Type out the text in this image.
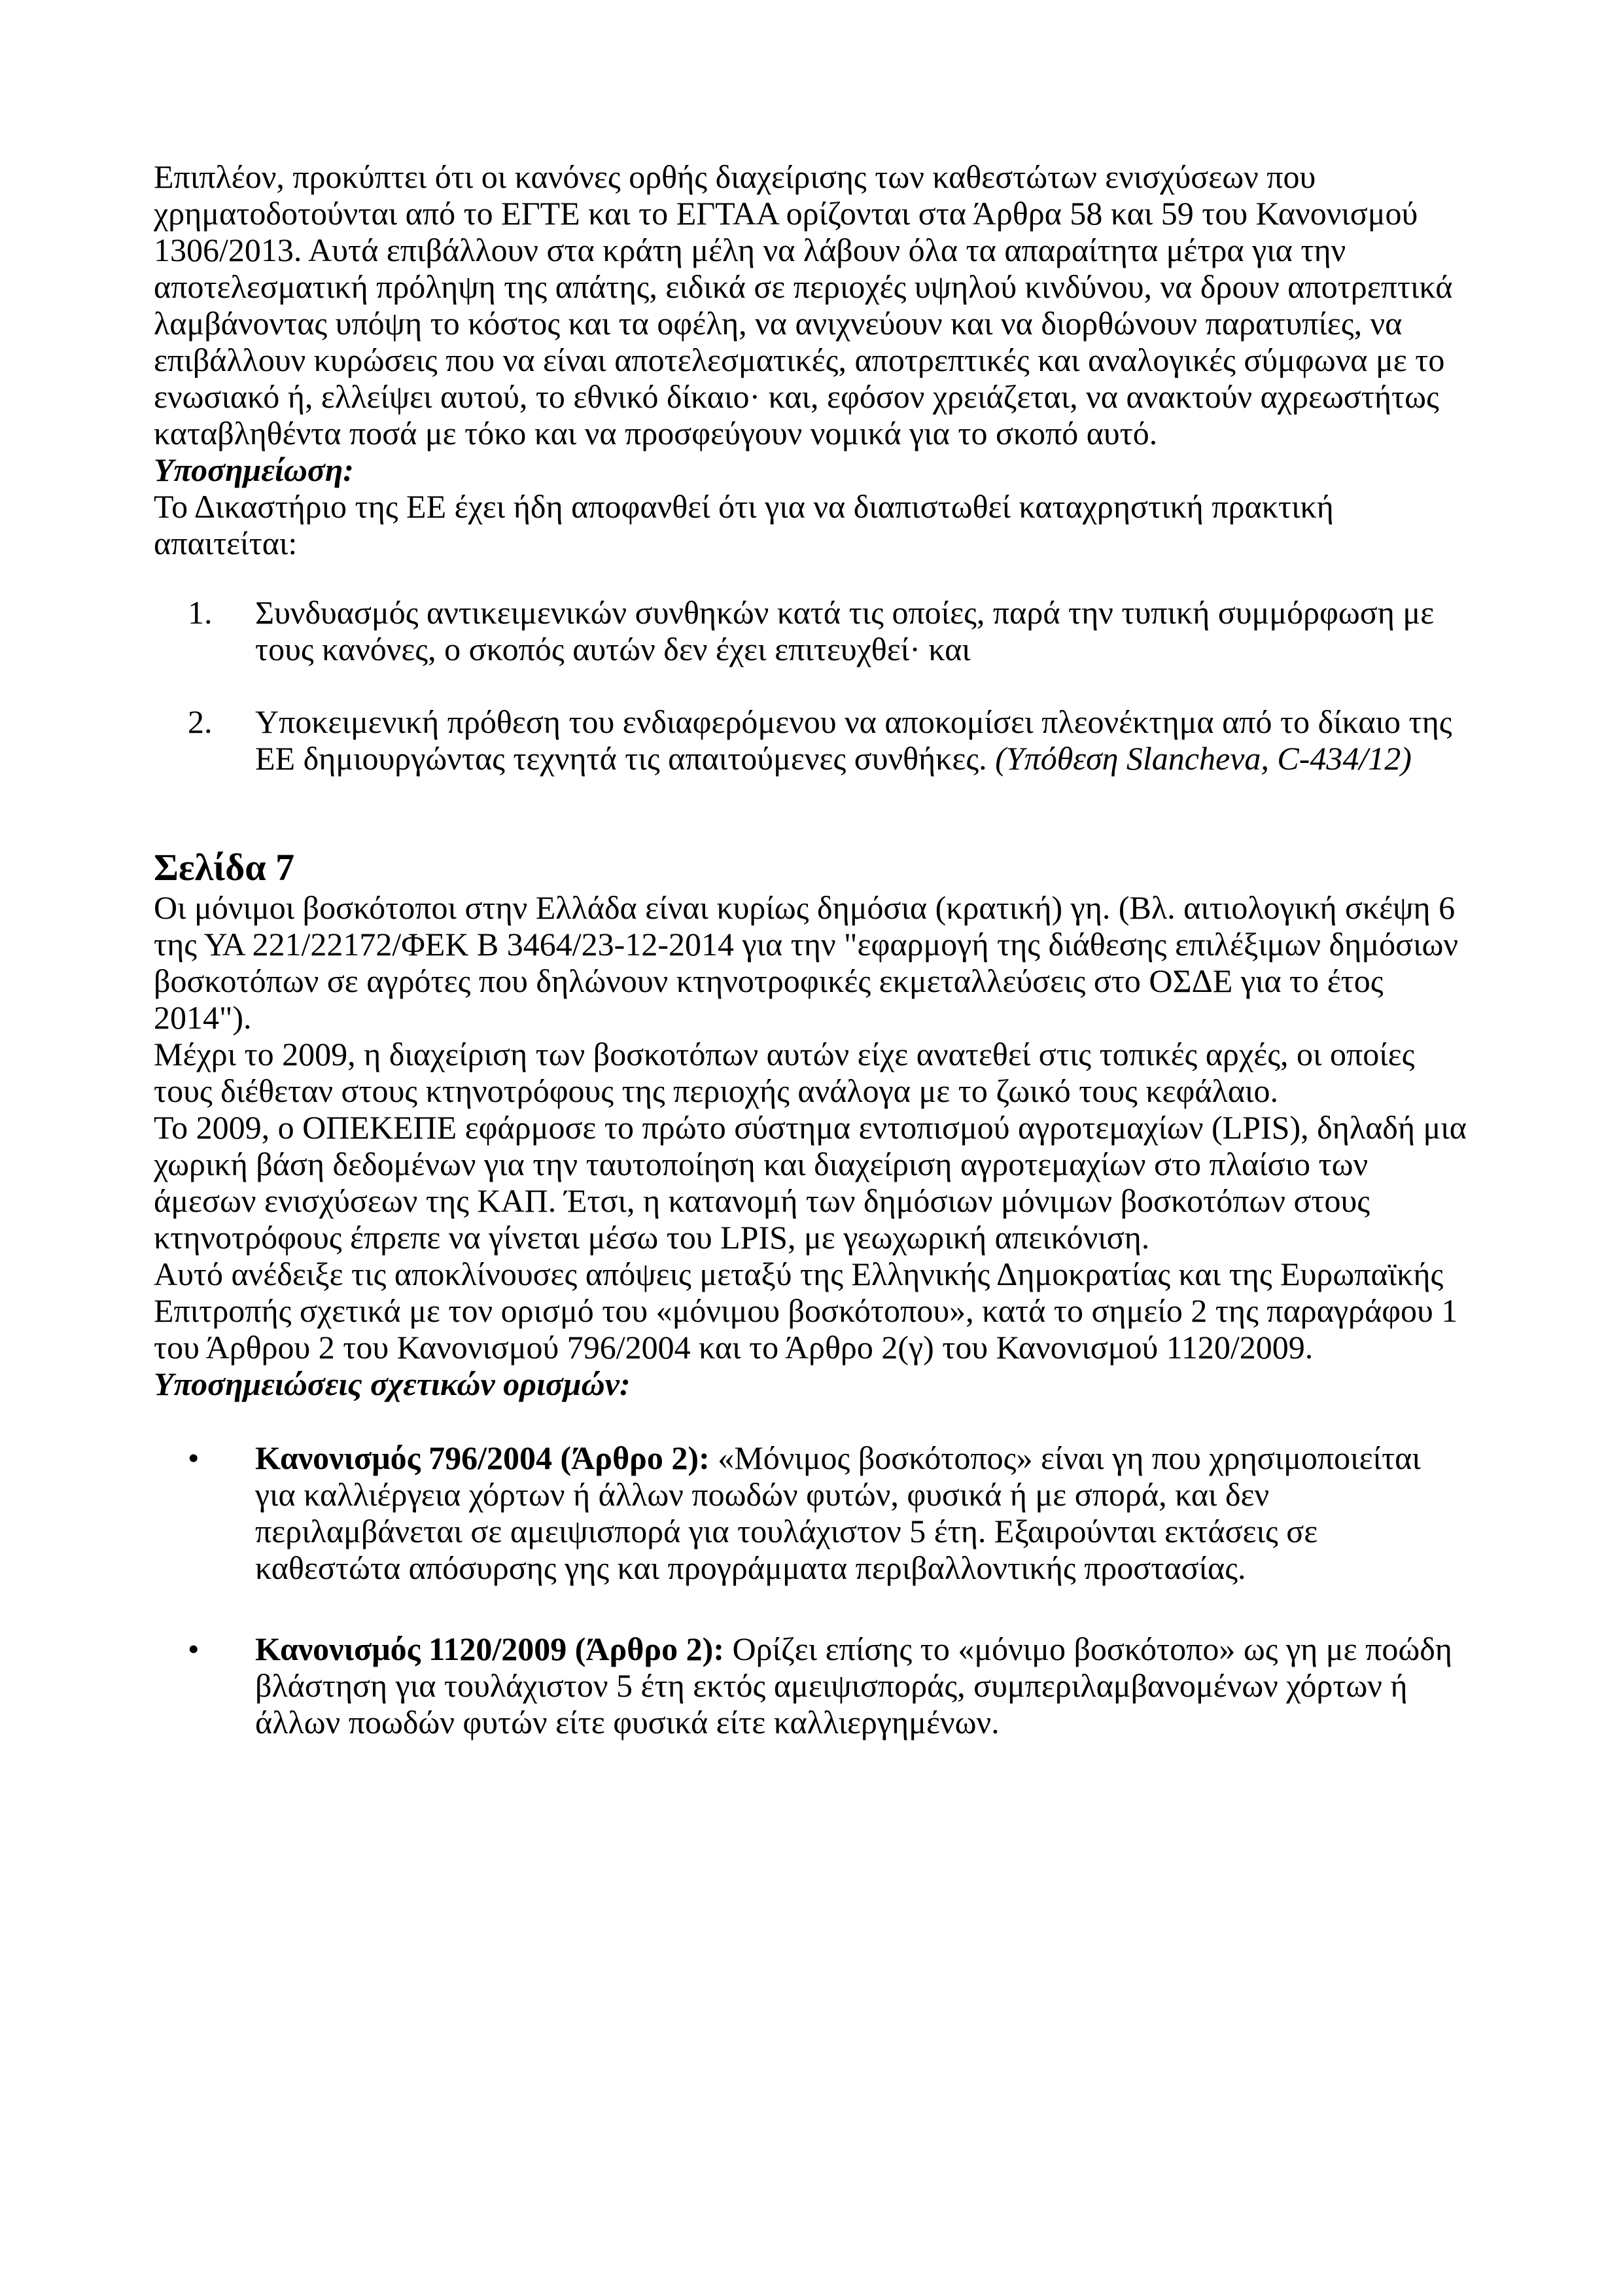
Επιπλέον, προκύπτει ότι οι κανόνες ορθής διαχείρισης των καθεστώτων ενισχύσεων που χρηματοδοτούνται από το ΕΓΤΕ και το ΕΓΤΑΑ ορίζονται στα Άρθρα 58 και 59 του Κανονισμού 1306/2013. Αυτά επιβάλλουν στα κράτη μέλη να λάβουν όλα τα απαραίτητα μέτρα για την αποτελεσματική πρόληψη της απάτης, ειδικά σε περιοχές υψηλού κινδύνου, να δρουν αποτρεπτικά λαμβάνοντας υπόψη το κόστος και τα οφέλη, να ανιχνεύουν και να διορθώνουν παρατυπίες, να επιβάλλουν κυρώσεις που να είναι αποτελεσματικές, αποτρεπτικές και αναλογικές σύμφωνα με το ενωσιακό ή, ελλείψει αυτού, το εθνικό δίκαιο· και, εφόσον χρειάζεται, να ανακτούν αχρεωστήτως καταβληθέντα ποσά με τόκο και να προσφεύγουν νομικά για το σκοπό αυτό.

Υποσημείωση:

Το Δικαστήριο της ΕΕ έχει ήδη αποφανθεί ότι για να διαπιστωθεί καταχρηστική πρακτική απαιτείται:

1. Συνδυασμός αντικειμενικών συνθηκών κατά τις οποίες, παρά την τυπική συμμόρφωση με τους κανόνες, ο σκοπός αυτών δεν έχει επιτευχθεί· και
2. Υποκειμενική πρόθεση του ενδιαφερόμενου να αποκομίσει πλεονέκτημα από το δίκαιο της ΕΕ δημιουργώντας τεχνητά τις απαιτούμενες συνθήκες. (Υπόθεση Slancheva, C-434/12)
Σελίδα 7

Οι μόνιμοι βοσκότοποι στην Ελλάδα είναι κυρίως δημόσια (κρατική) γη. (Βλ. αιτιολογική σκέψη 6 της ΥΑ 221/22172/ΦΕΚ Β 3464/23-12-2014 για την "εφαρμογή της διάθεσης επιλέξιμων δημόσιων βοσκοτόπων σε αγρότες που δηλώνουν κτηνοτροφικές εκμεταλλεύσεις στο ΟΣΔΕ για το έτος 2014").

Μέχρι το 2009, η διαχείριση των βοσκοτόπων αυτών είχε ανατεθεί στις τοπικές αρχές, οι οποίες τους διέθεταν στους κτηνοτρόφους της περιοχής ανάλογα με το ζωικό τους κεφάλαιο.

Το 2009, ο ΟΠΕΚΕΠΕ εφάρμοσε το πρώτο σύστημα εντοπισμού αγροτεμαχίων (LPIS), δηλαδή μια χωρική βάση δεδομένων για την ταυτοποίηση και διαχείριση αγροτεμαχίων στο πλαίσιο των άμεσων ενισχύσεων της ΚΑΠ. Έτσι, η κατανομή των δημόσιων μόνιμων βοσκοτόπων στους κτηνοτρόφους έπρεπε να γίνεται μέσω του LPIS, με γεωχωρική απεικόνιση.

Αυτό ανέδειξε τις αποκλίνουσες απόψεις μεταξύ της Ελληνικής Δημοκρατίας και της Ευρωπαϊκής Επιτροπής σχετικά με τον ορισμό του «μόνιμου βοσκότοπου», κατά το σημείο 2 της παραγράφου 1 του Άρθρου 2 του Κανονισμού 796/2004 και το Άρθρο 2(γ) του Κανονισμού 1120/2009.

Υποσημειώσεις σχετικών ορισμών:

• Κανονισμός 796/2004 (Άρθρο 2): «Μόνιμος βοσκότοπος» είναι γη που χρησιμοποιείται για καλλιέργεια χόρτων ή άλλων ποωδών φυτών, φυσικά ή με σπορά, και δεν περιλαμβάνεται σε αμειψισπορά για τουλάχιστον 5 έτη. Εξαιρούνται εκτάσεις σε καθεστώτα απόσυρσης γης και προγράμματα περιβαλλοντικής προστασίας.
• Κανονισμός 1120/2009 (Άρθρο 2): Ορίζει επίσης το «μόνιμο βοσκότοπο» ως γη με ποώδη βλάστηση για τουλάχιστον 5 έτη εκτός αμειψισποράς, συμπεριλαμβανομένων χόρτων ή άλλων ποωδών φυτών είτε φυσικά είτε καλλιεργημένων.
